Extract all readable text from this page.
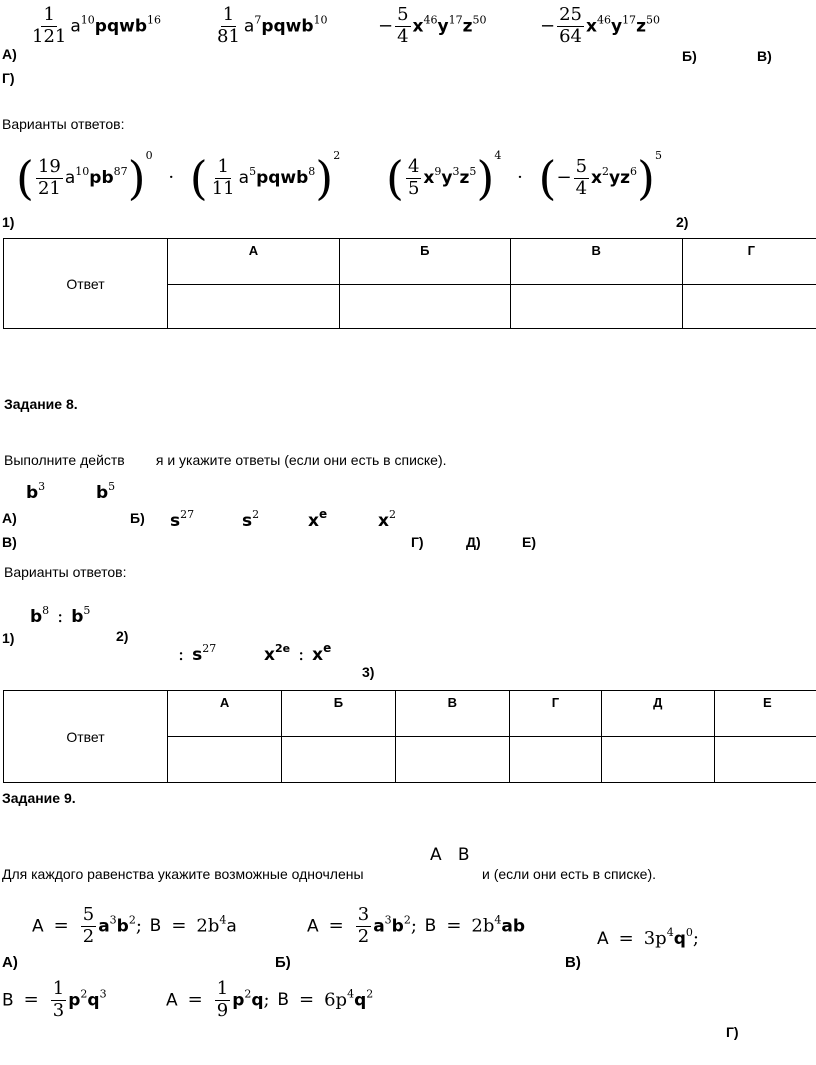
$\frac{1}{121}$ $a^{10}pqwb^{16}$	$\frac{1}{81}$ $a^7pqwb^{10}$	− $\frac{5}{4} x^{46}y^{17}z^{50}$	− $\frac{25}{64} x^{46}y^{17}z^{50}$
А)	Б)	В)
Г)
Варианты ответов:
( $\frac{19}{21} a^{10}pb^{87})^0$ · ( $\frac{1}{11}$ $a^5pqwb^8)^2$ ( $\frac{4}{5} x^9y^3z^5)^4$ · (− $\frac{5}{4} x^2yz^6)^5$
1)	2)
Ответ	А	Б	В	Г

Задание 8.
Выполните действ        я и укажите ответы (если они есть в списке).
$b^3$	$b^5$
$s^{27}$	$s^2$	$x^e$	$x^2$
А)	Б)
В)	Г)	Д)	Е)
Варианты ответов:
$b^8$ : $b^5$
: $s^{27}$	$x^{2e}$ : $x^e$
1)	2)
3)
Ответ	А	Б	В	Г	Д	Е

Задание 9.
Для каждого равенства укажите возможные одночлены
А   В
и (если они есть в списке).
$A = \frac{5}{2} a^3b^2$; $B = 2b^4a$	$A = \frac{3}{2} a^3b^2$; $B = 2b^4ab$
$A = 3p^4q^0$;
$B = \frac{1}{3} p^2q^3$	$A = \frac{1}{9} p^2q$; $B = 6p^4q^2$
А)	Б)	В)
Г)
